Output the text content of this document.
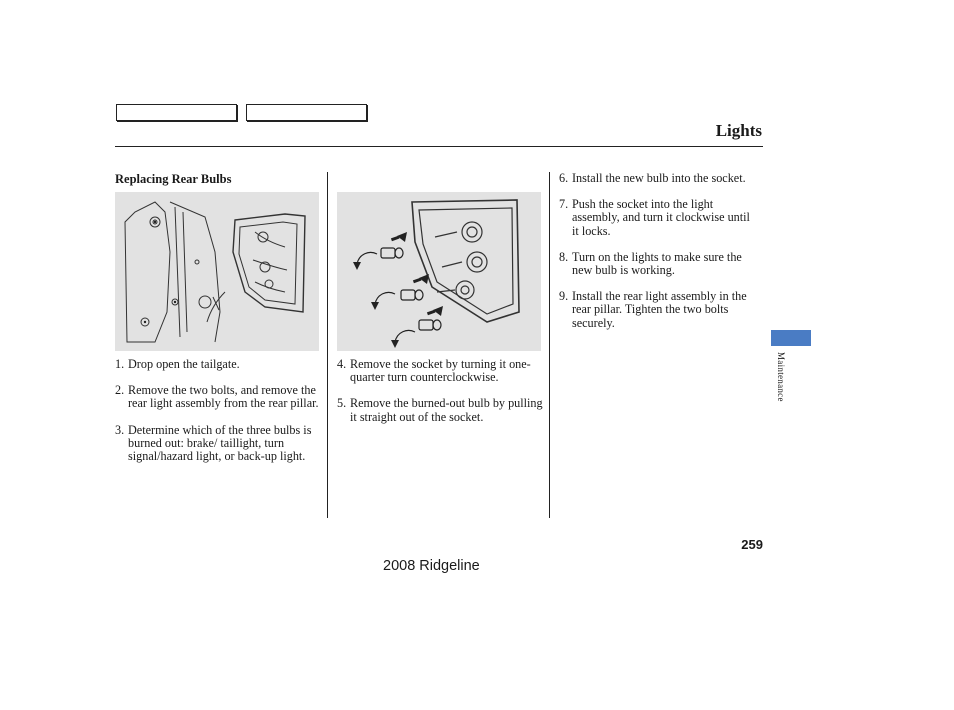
Lights
Replacing Rear Bulbs
1. Drop open the tailgate.
2. Remove the two bolts, and remove the rear light assembly from the rear pillar.
3. Determine which of the three bulbs is burned out: brake/ taillight, turn signal/hazard light, or back-up light.
4. Remove the socket by turning it one-quarter turn counterclockwise.
5. Remove the burned-out bulb by pulling it straight out of the socket.
6. Install the new bulb into the socket.
7. Push the socket into the light assembly, and turn it clockwise until it locks.
8. Turn on the lights to make sure the new bulb is working.
9. Install the rear light assembly in the rear pillar. Tighten the two bolts securely.
Maintenance
259
2008 Ridgeline
